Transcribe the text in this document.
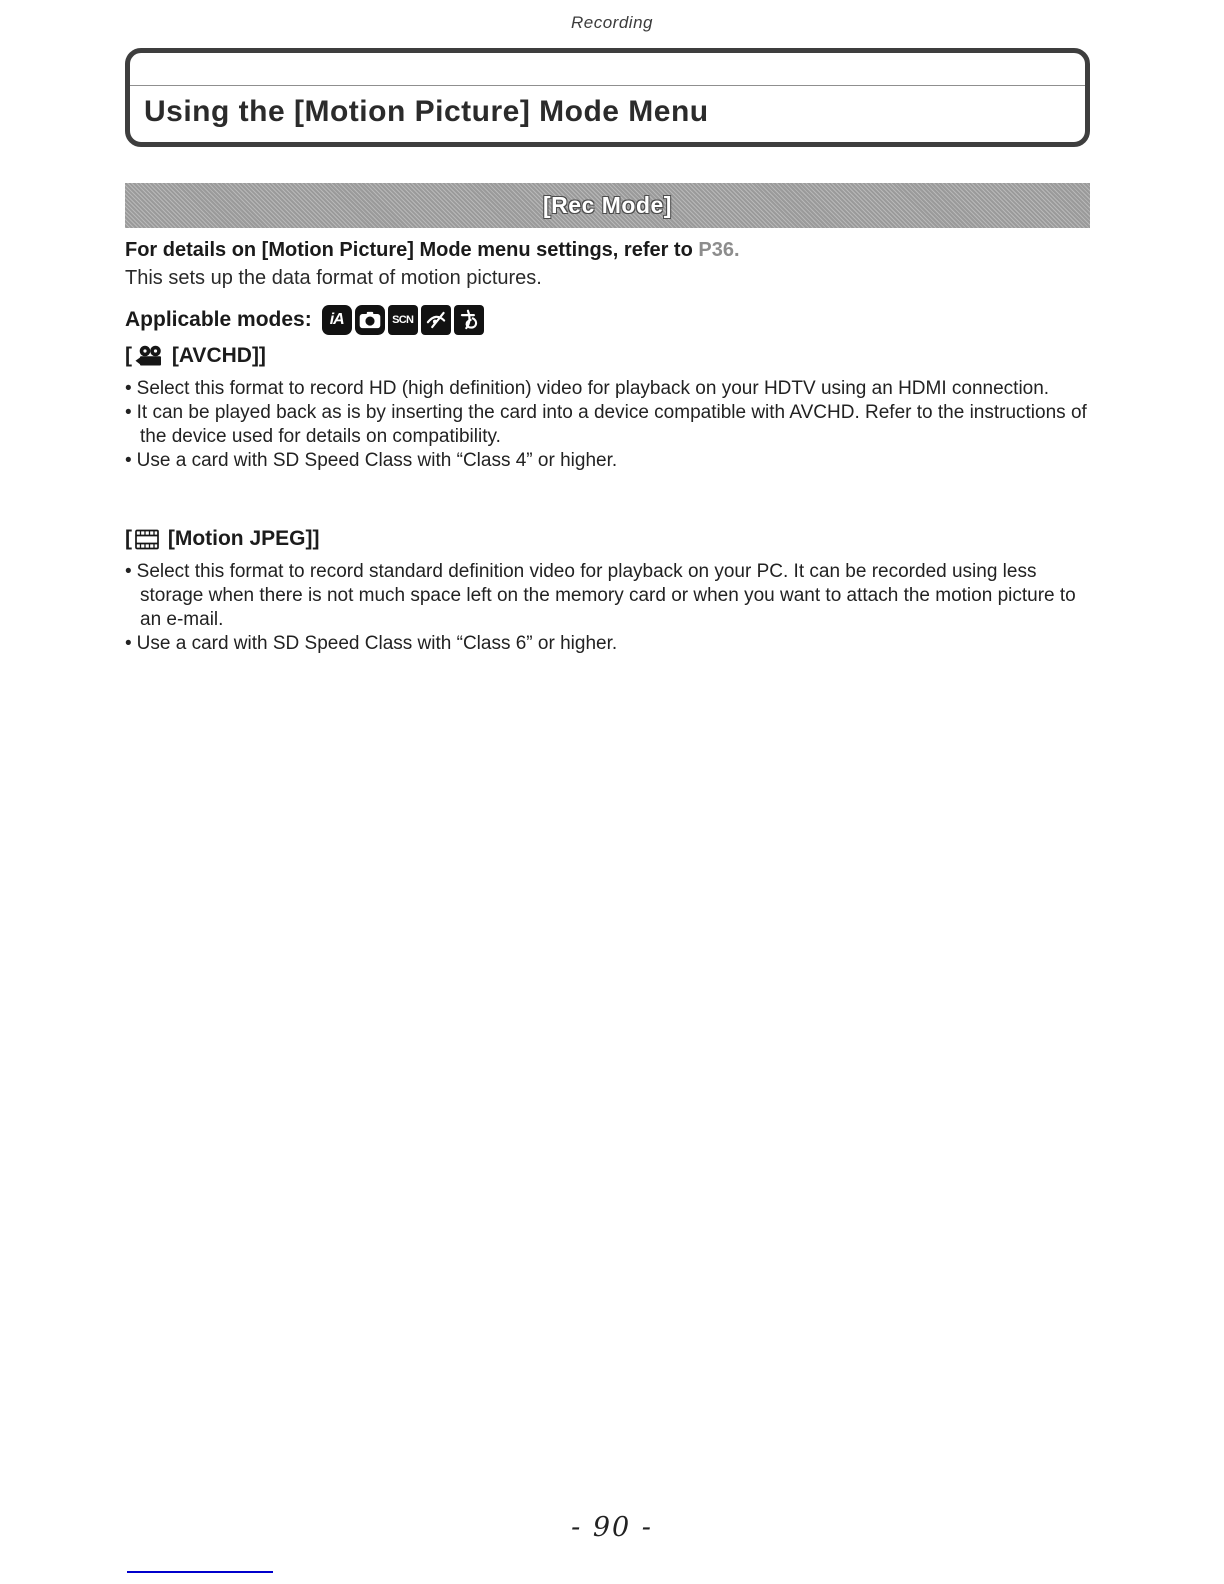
Recording
Using the [Motion Picture] Mode Menu
[Rec Mode]
For details on [Motion Picture] Mode menu settings, refer to P36.
This sets up the data format of motion pictures.
Applicable modes: iA	SCN
[ [AVCHD]]

• Select this format to record HD (high definition) video for playback on your HDTV using an HDMI connection.

• It can be played back as is by inserting the card into a device compatible with AVCHD. Refer to the instructions of the device used for details on compatibility.

• Use a card with SD Speed Class with “Class 4” or higher.

[ [Motion JPEG]]

• Select this format to record standard definition video for playback on your PC. It can be recorded using less storage when there is not much space left on the memory card or when you want to attach the motion picture to an e-mail.

• Use a card with SD Speed Class with “Class 6” or higher.

- 90 -
